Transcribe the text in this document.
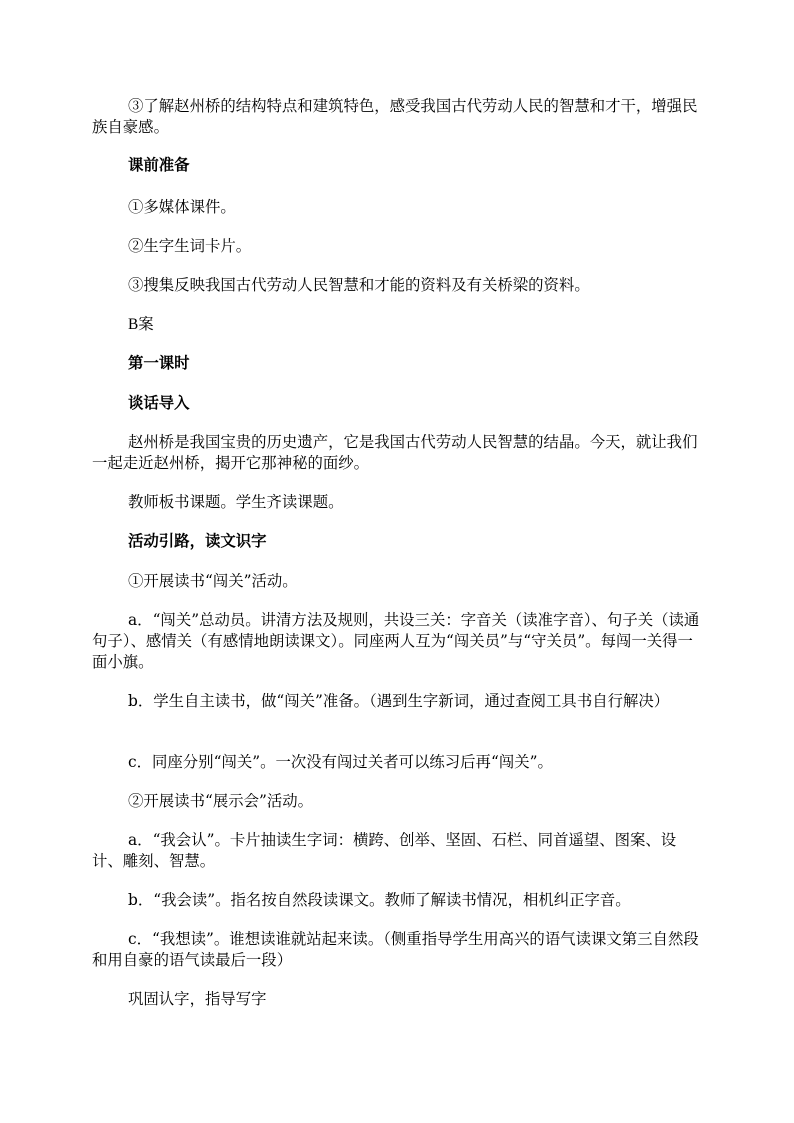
③了解赵州桥的结构特点和建筑特色，感受我国古代劳动人民的智慧和才干，增强民族自豪感。

课前准备

①多媒体课件。

②生字生词卡片。

③搜集反映我国古代劳动人民智慧和才能的资料及有关桥梁的资料。

B案

第一课时

谈话导入

赵州桥是我国宝贵的历史遗产，它是我国古代劳动人民智慧的结晶。今天，就让我们一起走近赵州桥，揭开它那神秘的面纱。

教师板书课题。学生齐读课题。

活动引路，读文识字

①开展读书“闯关”活动。

a．“闯关”总动员。讲清方法及规则，共设三关：字音关（读准字音）、句子关（读通句子）、感情关（有感情地朗读课文）。同座两人互为“闯关员”与“守关员”。每闯一关得一面小旗。

b．学生自主读书，做“闯关”准备。（遇到生字新词，通过查阅工具书自行解决）

c．同座分别“闯关”。一次没有闯过关者可以练习后再“闯关”。

②开展读书“展示会”活动。

a．“我会认”。卡片抽读生字词：横跨、创举、坚固、石栏、同首遥望、图案、设计、雕刻、智慧。

b．“我会读”。指名按自然段读课文。教师了解读书情况，相机纠正字音。

c．“我想读”。谁想读谁就站起来读。（侧重指导学生用高兴的语气读课文第三自然段和用自豪的语气读最后一段）

巩固认字，指导写字
